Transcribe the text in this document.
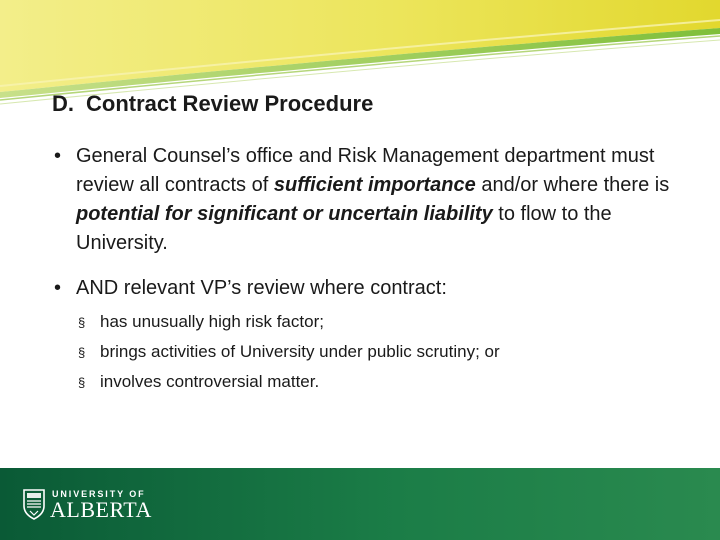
D. Contract Review Procedure
• General Counsel’s office and Risk Management department must review all contracts of sufficient importance and/or where there is potential for significant or uncertain liability to flow to the University.
• AND relevant VP’s review where contract:
§ has unusually high risk factor;
§ brings activities of University under public scrutiny; or
§ involves controversial matter.
UNIVERSITY OF
ALBERTA
